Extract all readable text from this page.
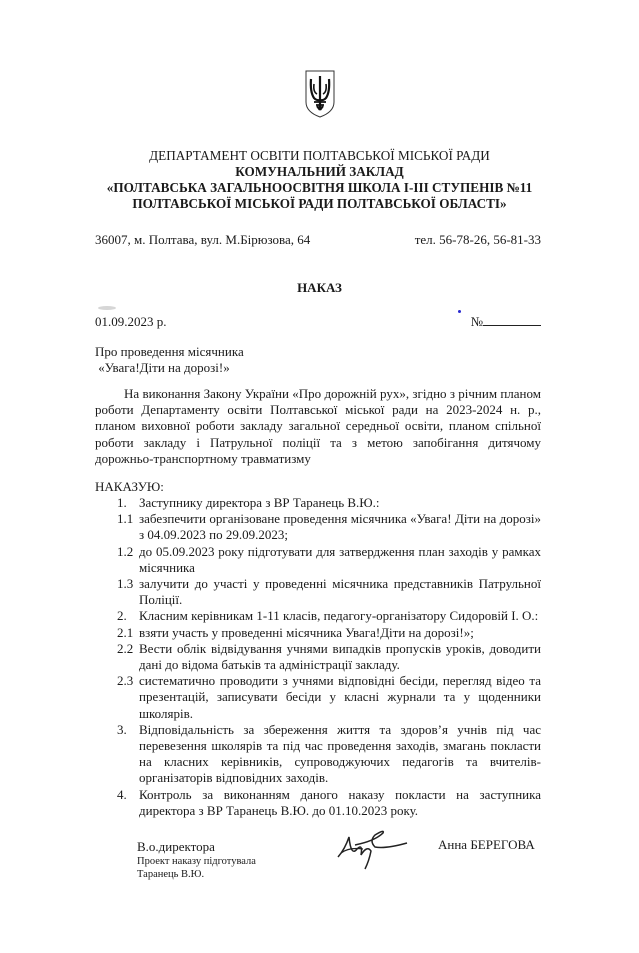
ДЕПАРТАМЕНТ ОСВІТИ ПОЛТАВСЬКОЇ МІСЬКОЇ РАДИ
КОМУНАЛЬНИЙ ЗАКЛАД
«ПОЛТАВСЬКА ЗАГАЛЬНООСВІТНЯ ШКОЛА І-ІІІ СТУПЕНІВ №11
ПОЛТАВСЬКОЇ МІСЬКОЇ РАДИ ПОЛТАВСЬКОЇ ОБЛАСТІ»
36007, м. Полтава, вул. М.Бірюзова, 64	тел. 56-78-26, 56-81-33
НАКАЗ
01.09.2023 р.	№
Про проведення місячника
«Увага!Діти на дорозі!»
На виконання Закону України «Про дорожній рух», згідно з річним планом роботи Департаменту освіти Полтавської міської ради на 2023-2024 н. р., планом виховної роботи закладу загальної середньої освіти, планом спільної роботи закладу і Патрульної поліції та з метою запобігання дитячому дорожньо-транспортному травматизму
НАКАЗУЮ:
1. Заступнику директора з ВР Таранець В.Ю.:
1.1 забезпечити організоване проведення місячника «Увага! Діти на дорозі» з 04.09.2023 по 29.09.2023;
1.2 до 05.09.2023 року підготувати для затвердження план заходів у рамках місячника
1.3 залучити до участі у проведенні місячника представників Патрульної Поліції.
2. Класним керівникам 1-11 класів, педагогу-організатору Сидоровій І. О.:
2.1 взяти участь у проведенні місячника Увага!Діти на дорозі!»;
2.2 Вести облік відвідування учнями випадків пропусків уроків, доводити дані до відома батьків та адміністрації закладу.
2.3 систематично проводити з учнями відповідні бесіди, перегляд відео та презентацій, записувати бесіди у класні журнали та у щоденники школярів.
3. Відповідальність за збереження життя та здоров’я учнів під час перевезення школярів та під час проведення заходів, змагань покласти на класних керівників, супроводжуючих педагогів та вчителів-організаторів відповідних заходів.
4. Контроль за виконанням даного наказу покласти на заступника директора з ВР Таранець В.Ю. до 01.10.2023 року.
В.о.директора
Проект наказу підготувала
Таранець В.Ю.
Анна БЕРЕГОВА
